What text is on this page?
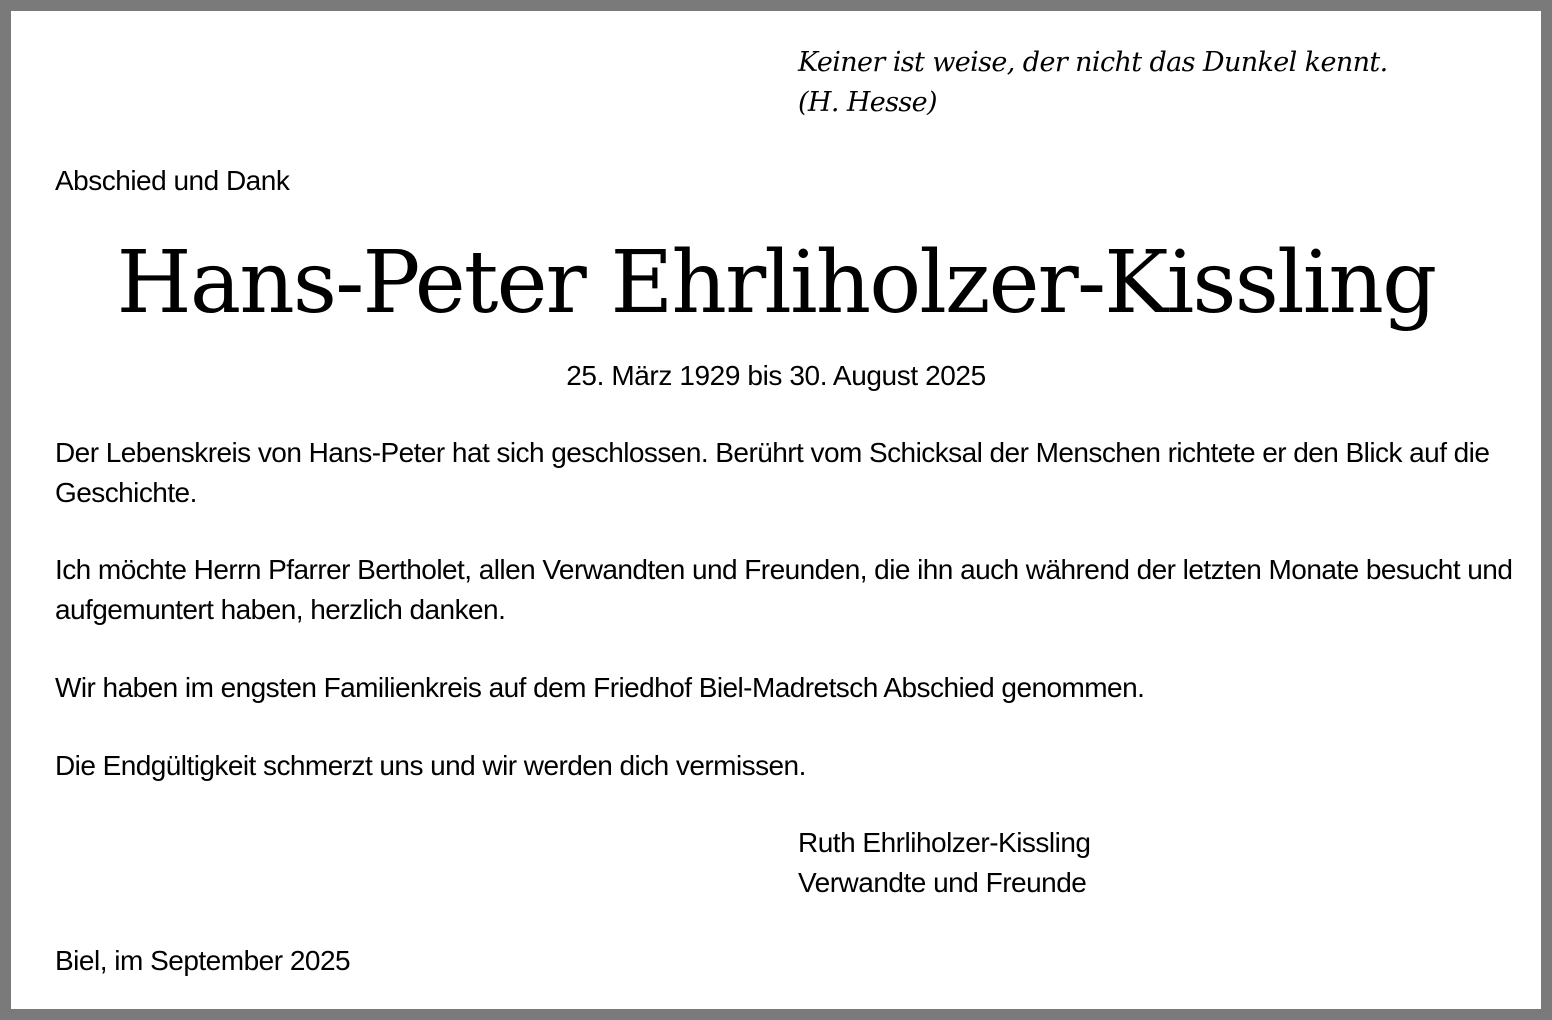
Keiner ist weise, der nicht das Dunkel kennt.
(H. Hesse)
Abschied und Dank
Hans-Peter Ehrliholzer-Kissling
25. März 1929 bis 30. August 2025
Der Lebenskreis von Hans-Peter hat sich geschlossen. Berührt vom Schicksal der Menschen richtete er den Blick auf die Geschichte.
Ich möchte Herrn Pfarrer Bertholet, allen Verwandten und Freunden, die ihn auch während der letzten Monate besucht und aufgemuntert haben, herzlich danken.
Wir haben im engsten Familienkreis auf dem Friedhof Biel-Madretsch Abschied genommen.
Die Endgültigkeit schmerzt uns und wir werden dich vermissen.
Ruth Ehrliholzer-Kissling
Verwandte und Freunde
Biel, im September 2025
